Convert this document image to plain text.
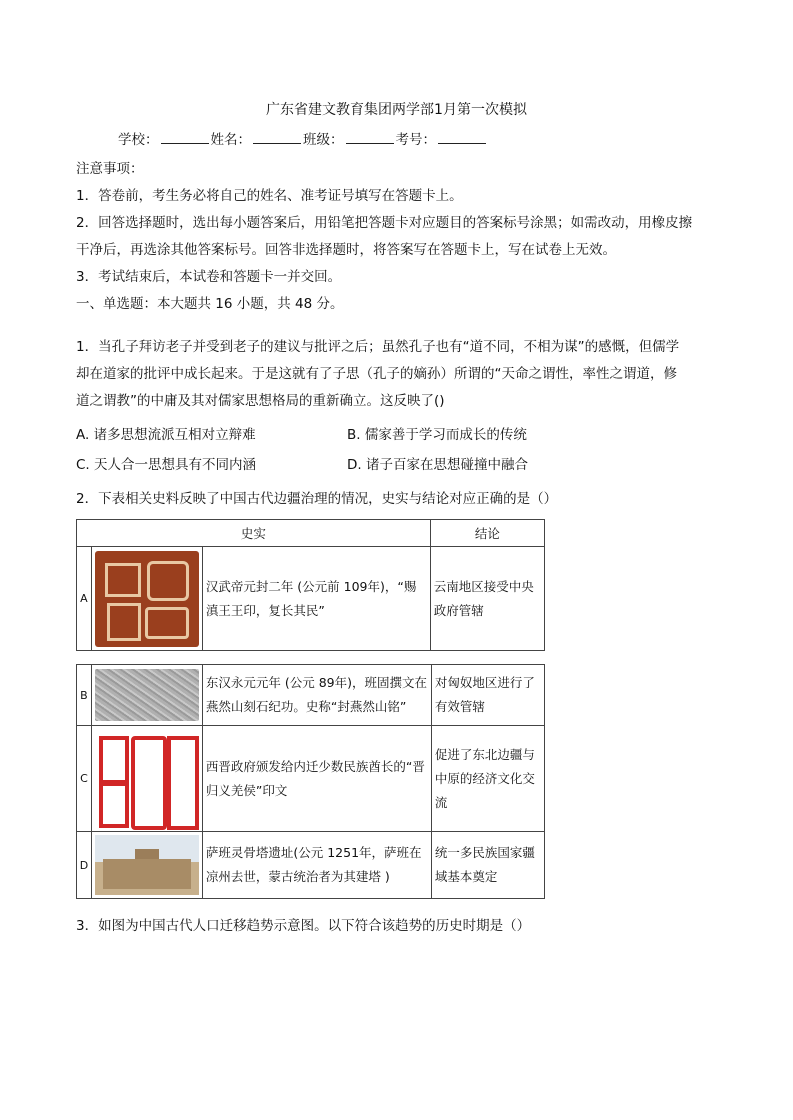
广东省建文教育集团两学部1月第一次模拟
学校：	姓名：	班级：	考号：
注意事项：
1．答卷前，考生务必将自己的姓名、准考证号填写在答题卡上。
2．回答选择题时，选出每小题答案后，用铅笔把答题卡对应题目的答案标号涂黑；如需改动，用橡皮擦
干净后，再选涂其他答案标号。回答非选择题时，将答案写在答题卡上，写在试卷上无效。
3．考试结束后，本试卷和答题卡一并交回。
一、单选题：本大题共 16 小题，共 48 分。
1．当孔子拜访老子并受到老子的建议与批评之后；虽然孔子也有“道不同，不相为谋”的感慨，但儒学
却在道家的批评中成长起来。于是这就有了子思（孔子的嫡孙）所谓的“天命之谓性，率性之谓道，修
道之谓教”的中庸及其对儒家思想格局的重新确立。这反映了()
A. 诸多思想流派互相对立辩难	B. 儒家善于学习而成长的传统
C. 天人合一思想具有不同内涵	D. 诸子百家在思想碰撞中融合
2．下表相关史料反映了中国古代边疆治理的情况，史实与结论对应正确的是（）
史实			结论
A		汉武帝元封二年 (公元前 109年)，“赐滇王王印，复长其民”	云南地区接受中央政府管辖
B		东汉永元元年 (公元 89年)，班固撰文在燕然山刻石纪功。史称“封燕然山铭”	对匈奴地区进行了有效管辖
C		西晋政府颁发给内迁少数民族酋长的“晋归义羌侯”印文	促进了东北边疆与中原的经济文化交流
D		萨班灵骨塔遗址(公元 1251年，萨班在凉州去世，蒙古统治者为其建塔 )	统一多民族国家疆域基本奠定
3．如图为中国古代人口迁移趋势示意图。以下符合该趋势的历史时期是（）
